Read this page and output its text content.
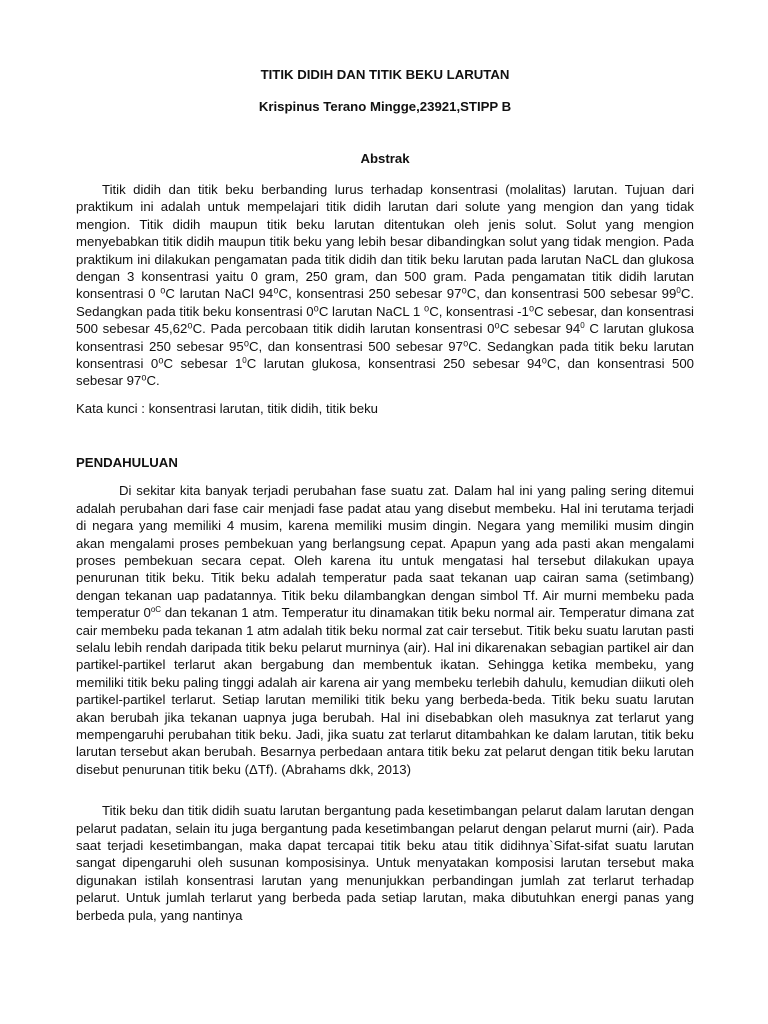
TITIK DIDIH DAN TITIK BEKU LARUTAN

Krispinus Terano Mingge,23921,STIPP B

Abstrak

Titik didih dan titik beku berbanding lurus terhadap konsentrasi (molalitas) larutan. Tujuan dari praktikum ini adalah untuk mempelajari titik didih larutan dari solute yang mengion dan yang tidak mengion. Titik didih maupun titik beku larutan ditentukan oleh jenis solut. Solut yang mengion menyebabkan titik didih maupun titik beku yang lebih besar dibandingkan solut yang tidak mengion. Pada praktikum ini dilakukan pengamatan pada titik didih dan titik beku larutan pada larutan NaCL dan glukosa dengan 3 konsentrasi yaitu 0 gram, 250 gram, dan 500 gram. Pada pengamatan titik didih larutan konsentrasi 0 ⁰C larutan NaCl 94⁰C, konsentrasi 250 sebesar 97⁰C, dan konsentrasi 500 sebesar $99^0C$. Sedangkan pada titik beku konsentrasi 0⁰C larutan NaCL 1 ⁰C, konsentrasi -1⁰C sebesar, dan konsentrasi 500 sebesar 45,62⁰C. Pada percobaan titik didih larutan konsentrasi 0⁰C sebesar $94^0$ C larutan glukosa konsentrasi 250 sebesar 95⁰C, dan konsentrasi 500 sebesar 97⁰C. Sedangkan pada titik beku larutan konsentrasi 0⁰C sebesar $1^0C$ larutan glukosa, konsentrasi 250 sebesar 94⁰C, dan konsentrasi 500 sebesar 97⁰C.

Kata kunci : konsentrasi larutan, titik didih, titik beku

PENDAHULUAN

Di sekitar kita banyak terjadi perubahan fase suatu zat. Dalam hal ini yang paling sering ditemui adalah perubahan dari fase cair menjadi fase padat atau yang disebut membeku. Hal ini terutama terjadi di negara yang memiliki 4 musim, karena memiliki musim dingin. Negara yang memiliki musim dingin akan mengalami proses pembekuan yang berlangsung cepat. Apapun yang ada pasti akan mengalami proses pembekuan secara cepat. Oleh karena itu untuk mengatasi hal tersebut dilakukan upaya penurunan titik beku. Titik beku adalah temperatur pada saat tekanan uap cairan sama (setimbang) dengan tekanan uap padatannya. Titik beku dilambangkan dengan simbol Tf. Air murni membeku pada temperatur $0^{oC}$ dan tekanan 1 atm. Temperatur itu dinamakan titik beku normal air. Temperatur dimana zat cair membeku pada tekanan 1 atm adalah titik beku normal zat cair tersebut. Titik beku suatu larutan pasti selalu lebih rendah daripada titik beku pelarut murninya (air). Hal ini dikarenakan sebagian partikel air dan partikel-partikel terlarut akan bergabung dan membentuk ikatan. Sehingga ketika membeku, yang memiliki titik beku paling tinggi adalah air karena air yang membeku terlebih dahulu, kemudian diikuti oleh partikel-partikel terlarut. Setiap larutan memiliki titik beku yang berbeda-beda. Titik beku suatu larutan akan berubah jika tekanan uapnya juga berubah. Hal ini disebabkan oleh masuknya zat terlarut yang mempengaruhi perubahan titik beku. Jadi, jika suatu zat terlarut ditambahkan ke dalam larutan, titik beku larutan tersebut akan berubah. Besarnya perbedaan antara titik beku zat pelarut dengan titik beku larutan disebut penurunan titik beku (ΔTf). (Abrahams dkk, 2013)

Titik beku dan titik didih suatu larutan bergantung pada kesetimbangan pelarut dalam larutan dengan pelarut padatan, selain itu juga bergantung pada kesetimbangan pelarut dengan pelarut murni (air). Pada saat terjadi kesetimbangan, maka dapat tercapai titik beku atau titik didihnya`Sifat-sifat suatu larutan sangat dipengaruhi oleh susunan komposisinya. Untuk menyatakan komposisi larutan tersebut maka digunakan istilah konsentrasi larutan yang menunjukkan perbandingan jumlah zat terlarut terhadap pelarut. Untuk jumlah terlarut yang berbeda pada setiap larutan, maka dibutuhkan energi panas yang berbeda pula, yang nantinya
